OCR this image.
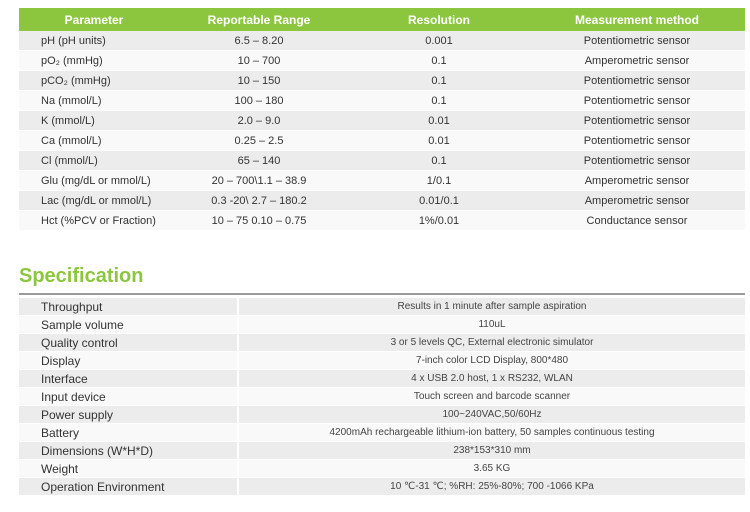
Parameter	Reportable Range	Resolution	Measurement method
pH (pH units)	6.5 – 8.20	0.001	Potentiometric sensor
pO₂ (mmHg)	10 – 700	0.1	Amperometric sensor
pCO₂ (mmHg)	10 – 150	0.1	Potentiometric sensor
Na (mmol/L)	100 – 180	0.1	Potentiometric sensor
K (mmol/L)	2.0 – 9.0	0.01	Potentiometric sensor
Ca (mmol/L)	0.25 – 2.5	0.01	Potentiometric sensor
Cl (mmol/L)	65 – 140	0.1	Potentiometric sensor
Glu (mg/dL or mmol/L)	20 – 700\1.1 – 38.9	1/0.1	Amperometric sensor
Lac (mg/dL or mmol/L)	0.3 -20\ 2.7 – 180.2	0.01/0.1	Amperometric sensor
Hct (%PCV or Fraction)	10 – 75 0.10 – 0.75	1%/0.01	Conductance sensor
Specification
Throughput	Results in 1 minute after sample aspiration
Sample volume	110uL
Quality control	3 or 5 levels QC, External electronic simulator
Display	7-inch color LCD Display, 800*480
Interface	4 x USB 2.0 host, 1 x RS232, WLAN
Input device	Touch screen and barcode scanner
Power supply	100~240VAC,50/60Hz
Battery	4200mAh rechargeable lithium-ion battery, 50 samples continuous testing
Dimensions (W*H*D)	238*153*310 mm
Weight	3.65 KG
Operation Environment	10 ℃-31 ℃; %RH: 25%-80%; 700 -1066 KPa
